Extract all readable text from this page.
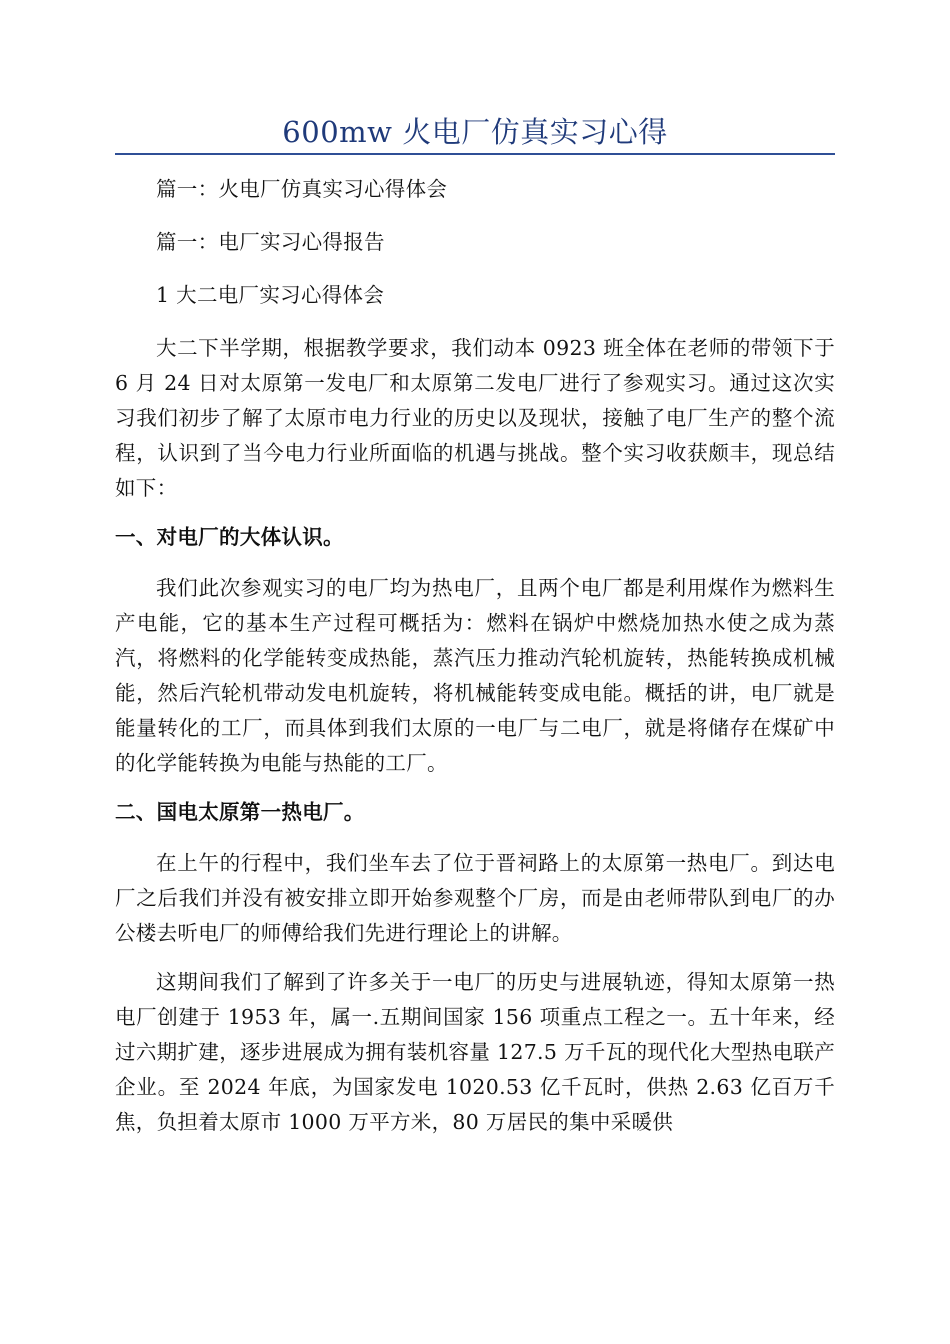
600mw 火电厂仿真实习心得

篇一：火电厂仿真实习心得体会

篇一：电厂实习心得报告

1 大二电厂实习心得体会

大二下半学期，根据教学要求，我们动本 0923 班全体在老师的带领下于 6 月 24 日对太原第一发电厂和太原第二发电厂进行了参观实习。通过这次实习我们初步了解了太原市电力行业的历史以及现状，接触了电厂生产的整个流程，认识到了当今电力行业所面临的机遇与挑战。整个实习收获颇丰，现总结如下：

一、对电厂的大体认识。

我们此次参观实习的电厂均为热电厂，且两个电厂都是利用煤作为燃料生产电能，它的基本生产过程可概括为：燃料在锅炉中燃烧加热水使之成为蒸汽，将燃料的化学能转变成热能，蒸汽压力推动汽轮机旋转，热能转换成机械能，然后汽轮机带动发电机旋转，将机械能转变成电能。概括的讲，电厂就是能量转化的工厂，而具体到我们太原的一电厂与二电厂，就是将储存在煤矿中的化学能转换为电能与热能的工厂。

二、国电太原第一热电厂。

在上午的行程中，我们坐车去了位于晋祠路上的太原第一热电厂。到达电厂之后我们并没有被安排立即开始参观整个厂房，而是由老师带队到电厂的办公楼去听电厂的师傅给我们先进行理论上的讲解。

这期间我们了解到了许多关于一电厂的历史与进展轨迹，得知太原第一热电厂创建于 1953 年，属一.五期间国家 156 项重点工程之一。五十年来，经过六期扩建，逐步进展成为拥有装机容量 127.5 万千瓦的现代化大型热电联产企业。至 2024 年底，为国家发电 1020.53 亿千瓦时，供热 2.63 亿百万千焦，负担着太原市 1000 万平方米，80 万居民的集中采暖供
